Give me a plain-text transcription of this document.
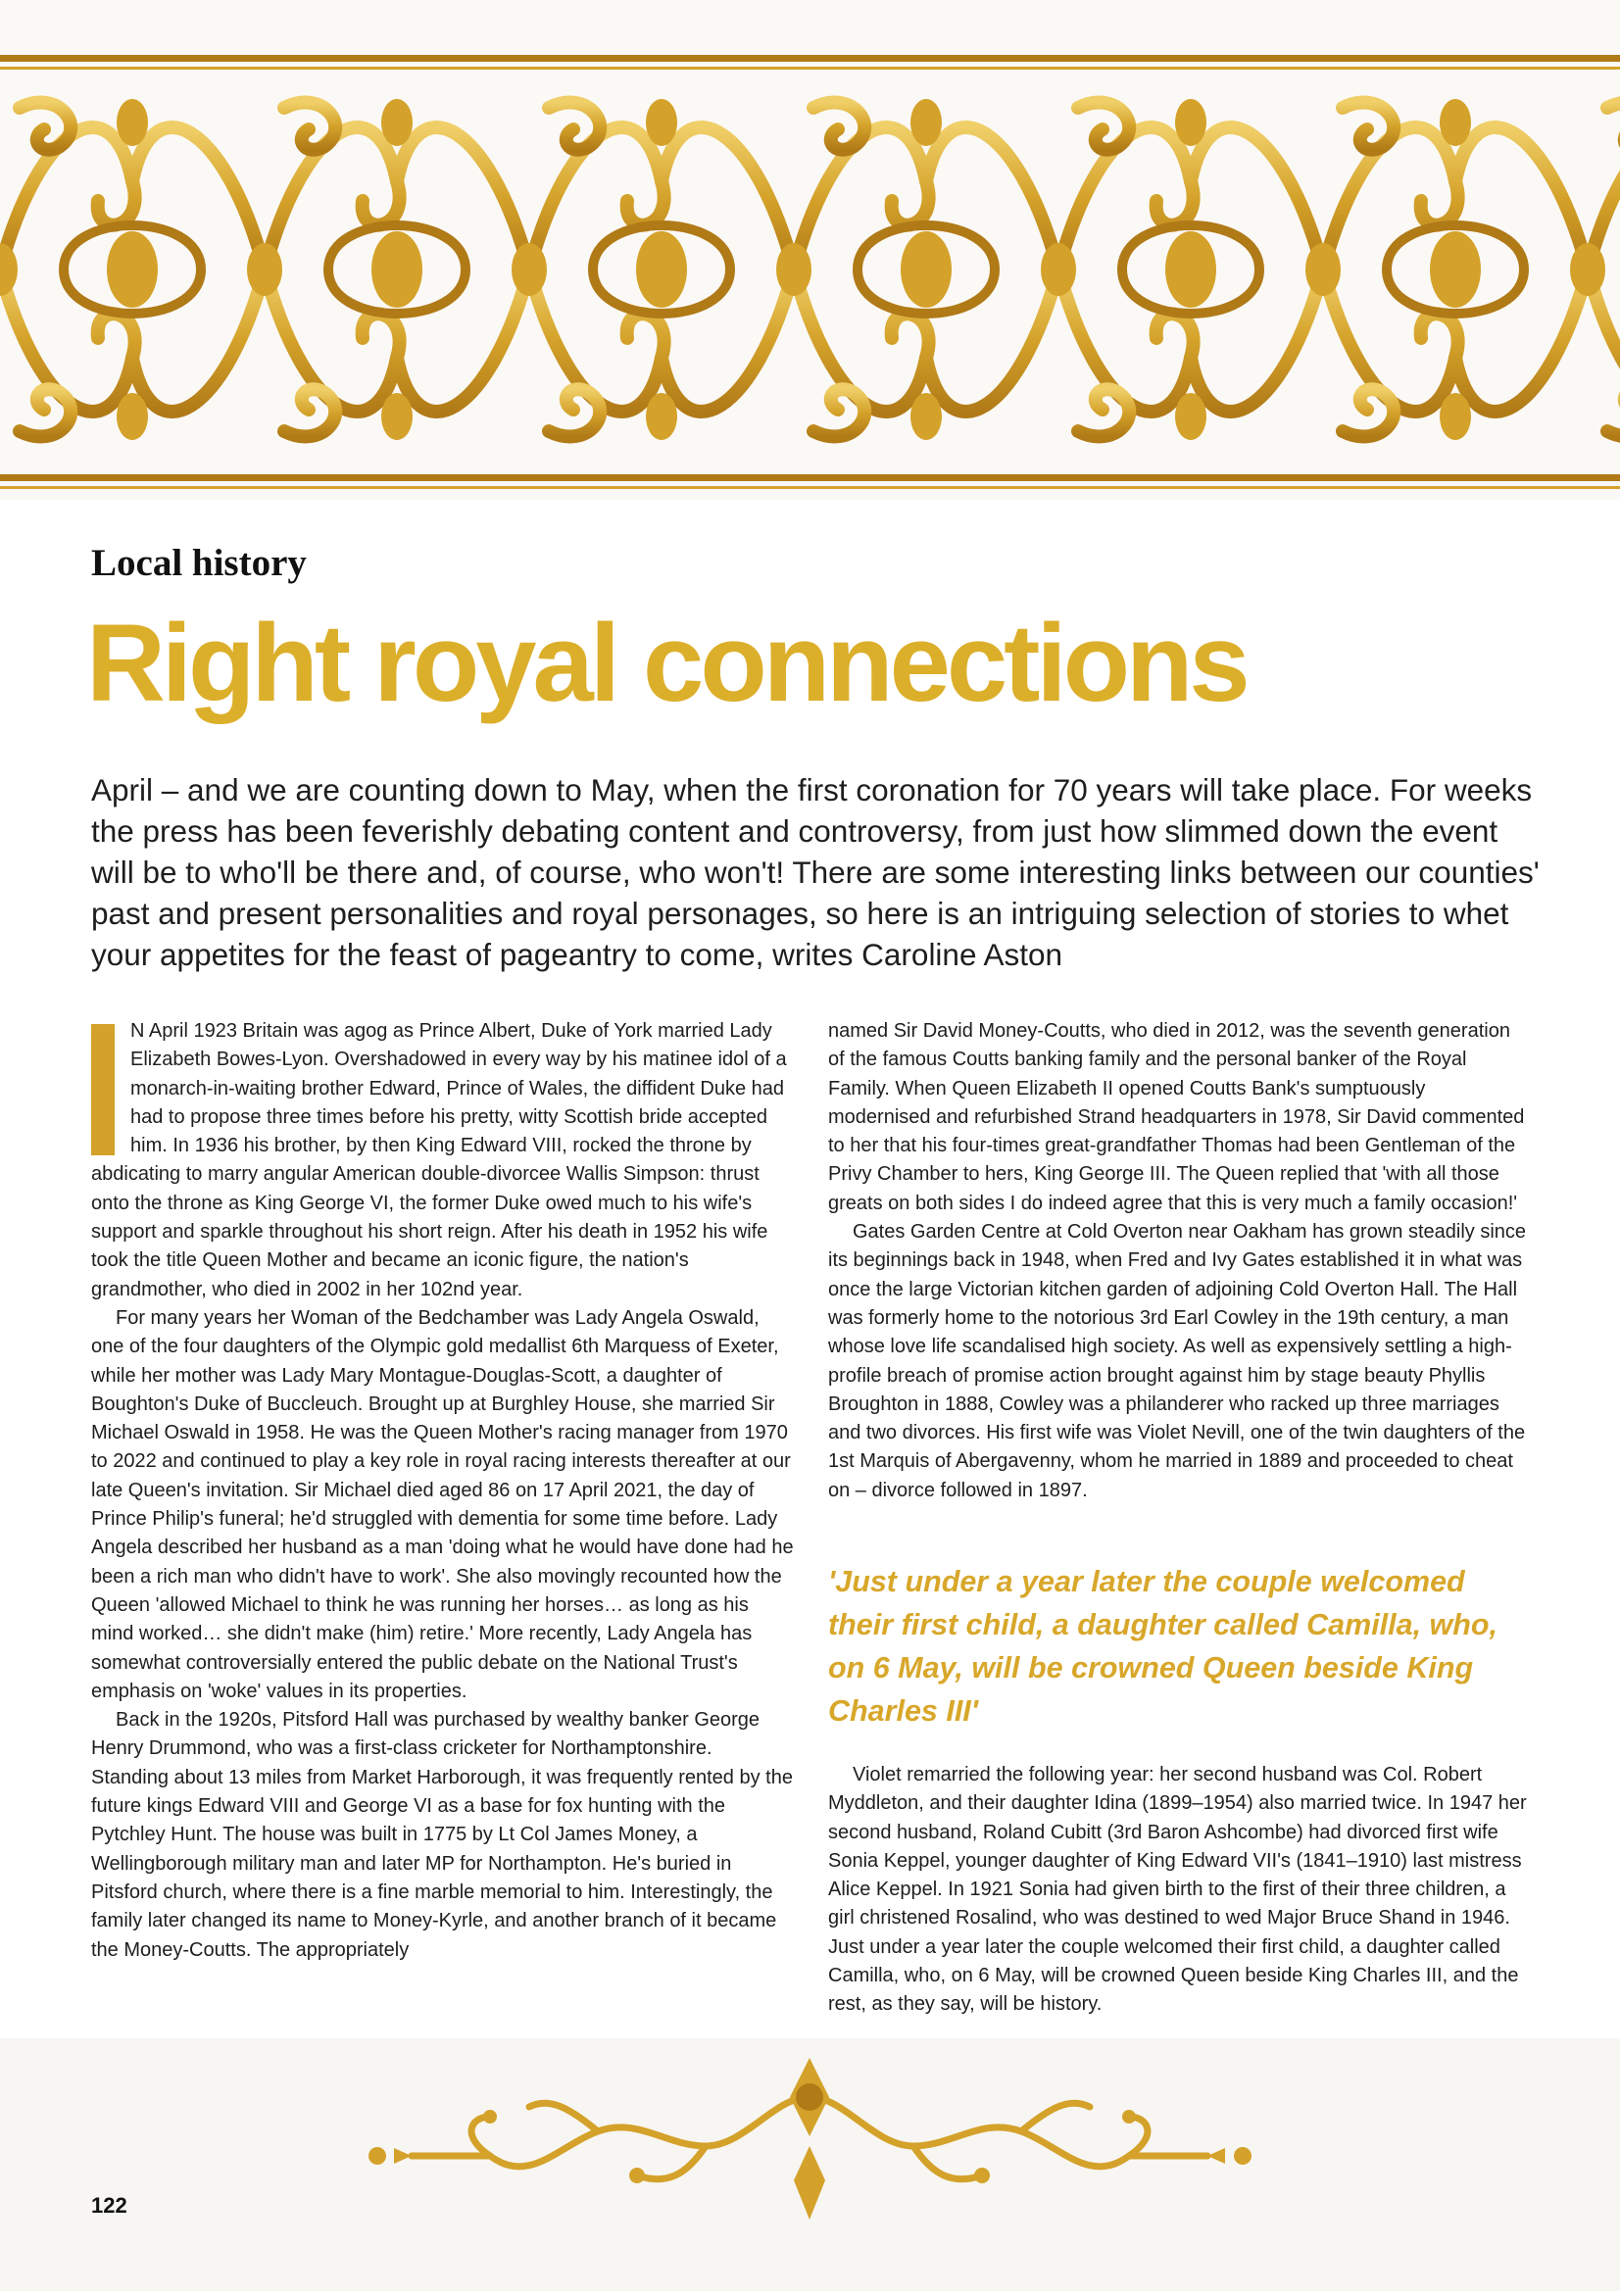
Local history
Right royal connections

April – and we are counting down to May, when the first coronation for 70 years will take place. For weeks the press has been feverishly debating content and controversy, from just how slimmed down the event will be to who'll be there and, of course, who won't! There are some interesting links between our counties' past and present personalities and royal personages, so here is an intriguing selection of stories to whet your appetites for the feast of pageantry to come, writes Caroline Aston

N April 1923 Britain was agog as Prince Albert, Duke of York married Lady Elizabeth Bowes-Lyon. Overshadowed in every way by his matinee idol of a monarch-in-waiting brother Edward, Prince of Wales, the diffident Duke had had to propose three times before his pretty, witty Scottish bride accepted him. In 1936 his brother, by then King Edward VIII, rocked the throne by abdicating to marry angular American double-divorcee Wallis Simpson: thrust onto the throne as King George VI, the former Duke owed much to his wife's support and sparkle throughout his short reign. After his death in 1952 his wife took the title Queen Mother and became an iconic figure, the nation's grandmother, who died in 2002 in her 102nd year.

For many years her Woman of the Bedchamber was Lady Angela Oswald, one of the four daughters of the Olympic gold medallist 6th Marquess of Exeter, while her mother was Lady Mary Montague-Douglas-Scott, a daughter of Boughton's Duke of Buccleuch. Brought up at Burghley House, she married Sir Michael Oswald in 1958. He was the Queen Mother's racing manager from 1970 to 2022 and continued to play a key role in royal racing interests thereafter at our late Queen's invitation. Sir Michael died aged 86 on 17 April 2021, the day of Prince Philip's funeral; he'd struggled with dementia for some time before. Lady Angela described her husband as a man 'doing what he would have done had he been a rich man who didn't have to work'. She also movingly recounted how the Queen 'allowed Michael to think he was running her horses… as long as his mind worked… she didn't make (him) retire.' More recently, Lady Angela has somewhat controversially entered the public debate on the National Trust's emphasis on 'woke' values in its properties.

Back in the 1920s, Pitsford Hall was purchased by wealthy banker George Henry Drummond, who was a first-class cricketer for Northamptonshire. Standing about 13 miles from Market Harborough, it was frequently rented by the future kings Edward VIII and George VI as a base for fox hunting with the Pytchley Hunt. The house was built in 1775 by Lt Col James Money, a Wellingborough military man and later MP for Northampton. He's buried in Pitsford church, where there is a fine marble memorial to him. Interestingly, the family later changed its name to Money-Kyrle, and another branch of it became the Money-Coutts. The appropriately

named Sir David Money-Coutts, who died in 2012, was the seventh generation of the famous Coutts banking family and the personal banker of the Royal Family. When Queen Elizabeth II opened Coutts Bank's sumptuously modernised and refurbished Strand headquarters in 1978, Sir David commented to her that his four-times great-grandfather Thomas had been Gentleman of the Privy Chamber to hers, King George III. The Queen replied that 'with all those greats on both sides I do indeed agree that this is very much a family occasion!'

Gates Garden Centre at Cold Overton near Oakham has grown steadily since its beginnings back in 1948, when Fred and Ivy Gates established it in what was once the large Victorian kitchen garden of adjoining Cold Overton Hall. The Hall was formerly home to the notorious 3rd Earl Cowley in the 19th century, a man whose love life scandalised high society. As well as expensively settling a high-profile breach of promise action brought against him by stage beauty Phyllis Broughton in 1888, Cowley was a philanderer who racked up three marriages and two divorces. His first wife was Violet Nevill, one of the twin daughters of the 1st Marquis of Abergavenny, whom he married in 1889 and proceeded to cheat on – divorce followed in 1897.

'Just under a year later the couple welcomed their first child, a daughter called Camilla, who, on 6 May, will be crowned Queen beside King Charles III'

Violet remarried the following year: her second husband was Col. Robert Myddleton, and their daughter Idina (1899–1954) also married twice. In 1947 her second husband, Roland Cubitt (3rd Baron Ashcombe) had divorced first wife Sonia Keppel, younger daughter of King Edward VII's (1841–1910) last mistress Alice Keppel. In 1921 Sonia had given birth to the first of their three children, a girl christened Rosalind, who was destined to wed Major Bruce Shand in 1946. Just under a year later the couple welcomed their first child, a daughter called Camilla, who, on 6 May, will be crowned Queen beside King Charles III, and the rest, as they say, will be history.

122
